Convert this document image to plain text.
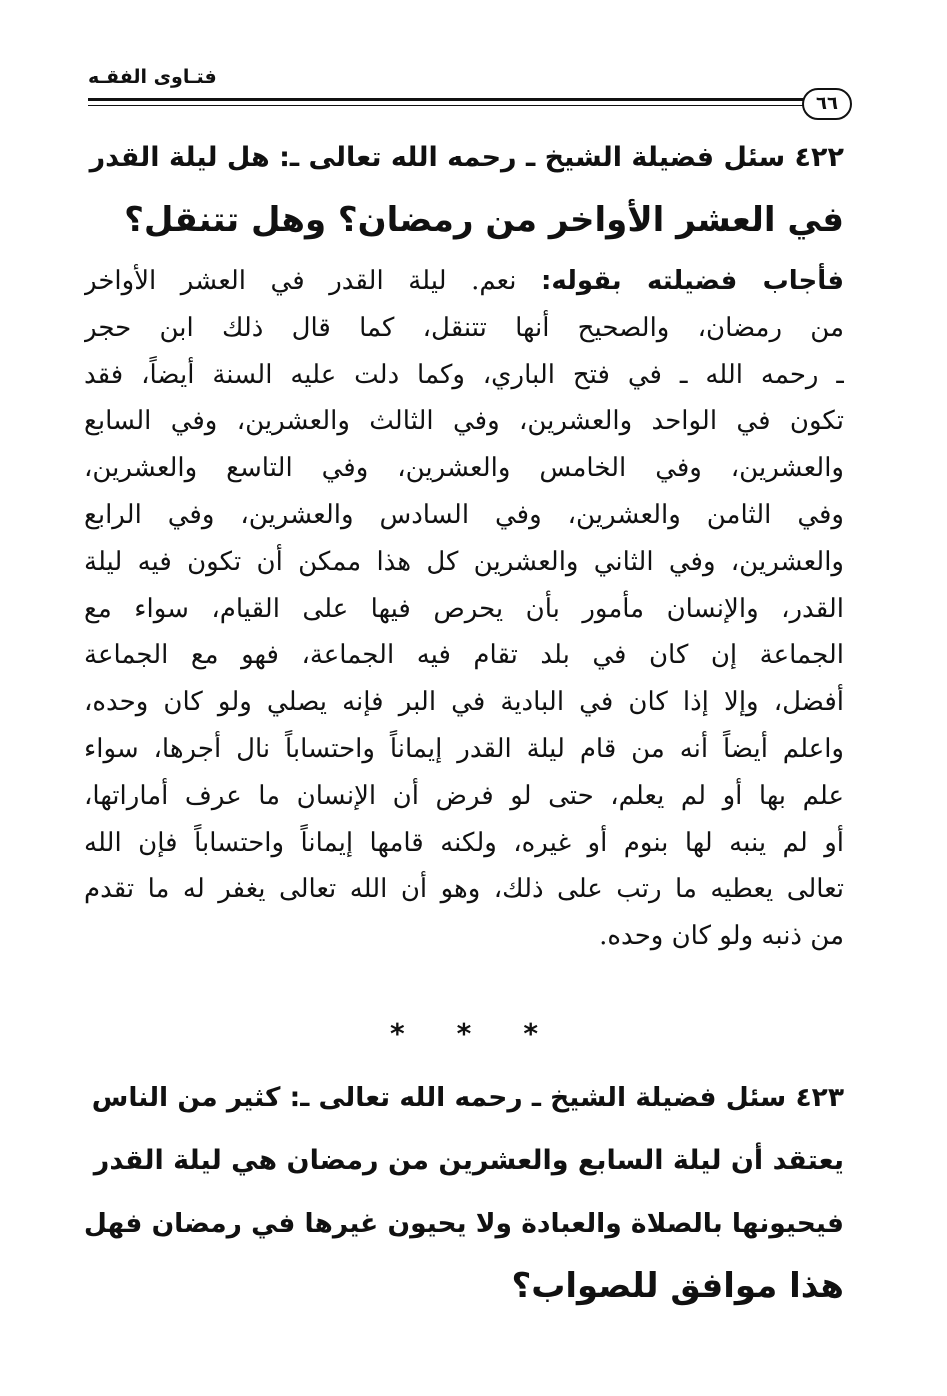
فتـاوى الفقـه
٦٦
٤٢٢ سئل فضيلة الشيخ ـ رحمه الله تعالى ـ: هل ليلة القدر
في العشر الأواخر من رمضان؟ وهل تتنقل؟
فأجاب فضيلته بقوله: نعم. ليلة القدر في العشر الأواخر
من رمضان، والصحيح أنها تتنقل، كما قال ذلك ابن حجر
ـ رحمه الله ـ في فتح الباري، وكما دلت عليه السنة أيضاً، فقد
تكون في الواحد والعشرين، وفي الثالث والعشرين، وفي السابع
والعشرين، وفي الخامس والعشرين، وفي التاسع والعشرين،
وفي الثامن والعشرين، وفي السادس والعشرين، وفي الرابع
والعشرين، وفي الثاني والعشرين كل هذا ممكن أن تكون فيه ليلة
القدر، والإنسان مأمور بأن يحرص فيها على القيام، سواء مع
الجماعة إن كان في بلد تقام فيه الجماعة، فهو مع الجماعة
أفضل، وإلا إذا كان في البادية في البر فإنه يصلي ولو كان وحده،
واعلم أيضاً أنه من قام ليلة القدر إيماناً واحتساباً نال أجرها، سواء
علم بها أو لم يعلم، حتى لو فرض أن الإنسان ما عرف أماراتها،
أو لم ينبه لها بنوم أو غيره، ولكنه قامها إيماناً واحتساباً فإن الله
تعالى يعطيه ما رتب على ذلك، وهو أن الله تعالى يغفر له ما تقدم
من ذنبه ولو كان وحده.
* * *
٤٢٣ سئل فضيلة الشيخ ـ رحمه الله تعالى ـ: كثير من الناس
يعتقد أن ليلة السابع والعشرين من رمضان هي ليلة القدر
فيحيونها بالصلاة والعبادة ولا يحيون غيرها في رمضان فهل
هذا موافق للصواب؟
